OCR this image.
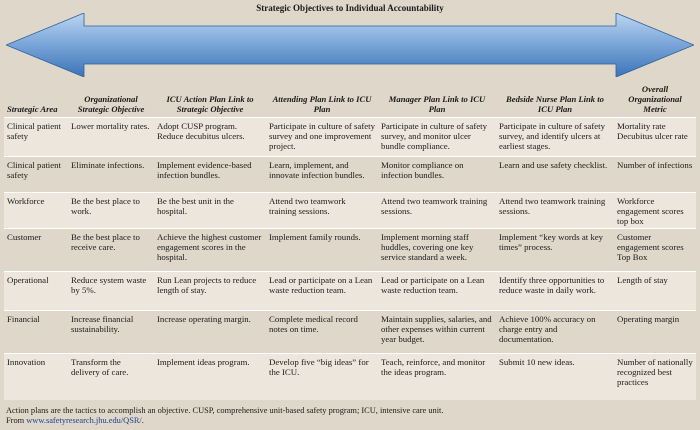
Strategic Objectives to Individual Accountability
Strategic Area	Organizational Strategic Objective	ICU Action Plan Link to Strategic Objective	Attending Plan Link to ICU Plan	Manager Plan Link to ICU Plan	Bedside Nurse Plan Link to ICU Plan	Overall Organizational Metric
Clinical patient safety	Lower mortality rates.	Adopt CUSP program. Reduce decubitus ulcers.	Participate in culture of safety survey and one improvement project.	Participate in culture of safety survey, and monitor ulcer bundle compliance.	Participate in culture of safety survey, and identify ulcers at earliest stages.	Mortality rate Decubitus ulcer rate
Clinical patient safety	Eliminate infections.	Implement evidence-based infection bundles.	Learn, implement, and innovate infection bundles.	Monitor compliance on infection bundles.	Learn and use safety checklist.	Number of infections
Workforce	Be the best place to work.	Be the best unit in the hospital.	Attend two teamwork training sessions.	Attend two teamwork training sessions.	Attend two teamwork training sessions.	Workforce engagement scores top box
Customer	Be the best place to receive care.	Achieve the highest customer engagement scores in the hospital.	Implement family rounds.	Implement morning staff huddles, covering one key service standard a week.	Implement “key words at key times” process.	Customer engagement scores Top Box
Operational	Reduce system waste by 5%.	Run Lean projects to reduce length of stay.	Lead or participate on a Lean waste reduction team.	Lead or participate on a Lean waste reduction team.	Identify three opportunities to reduce waste in daily work.	Length of stay
Financial	Increase financial sustainability.	Increase operating margin.	Complete medical record notes on time.	Maintain supplies, salaries, and other expenses within current year budget.	Achieve 100% accuracy on charge entry and documentation.	Operating margin
Innovation	Transform the delivery of care.	Implement ideas program.	Develop five “big ideas” for the ICU.	Teach, reinforce, and monitor the ideas program.	Submit 10 new ideas.	Number of nationally recognized best practices
Action plans are the tactics to accomplish an objective. CUSP, comprehensive unit-based safety program; ICU, intensive care unit.
From www.safetyresearch.jhu.edu/QSR/.
